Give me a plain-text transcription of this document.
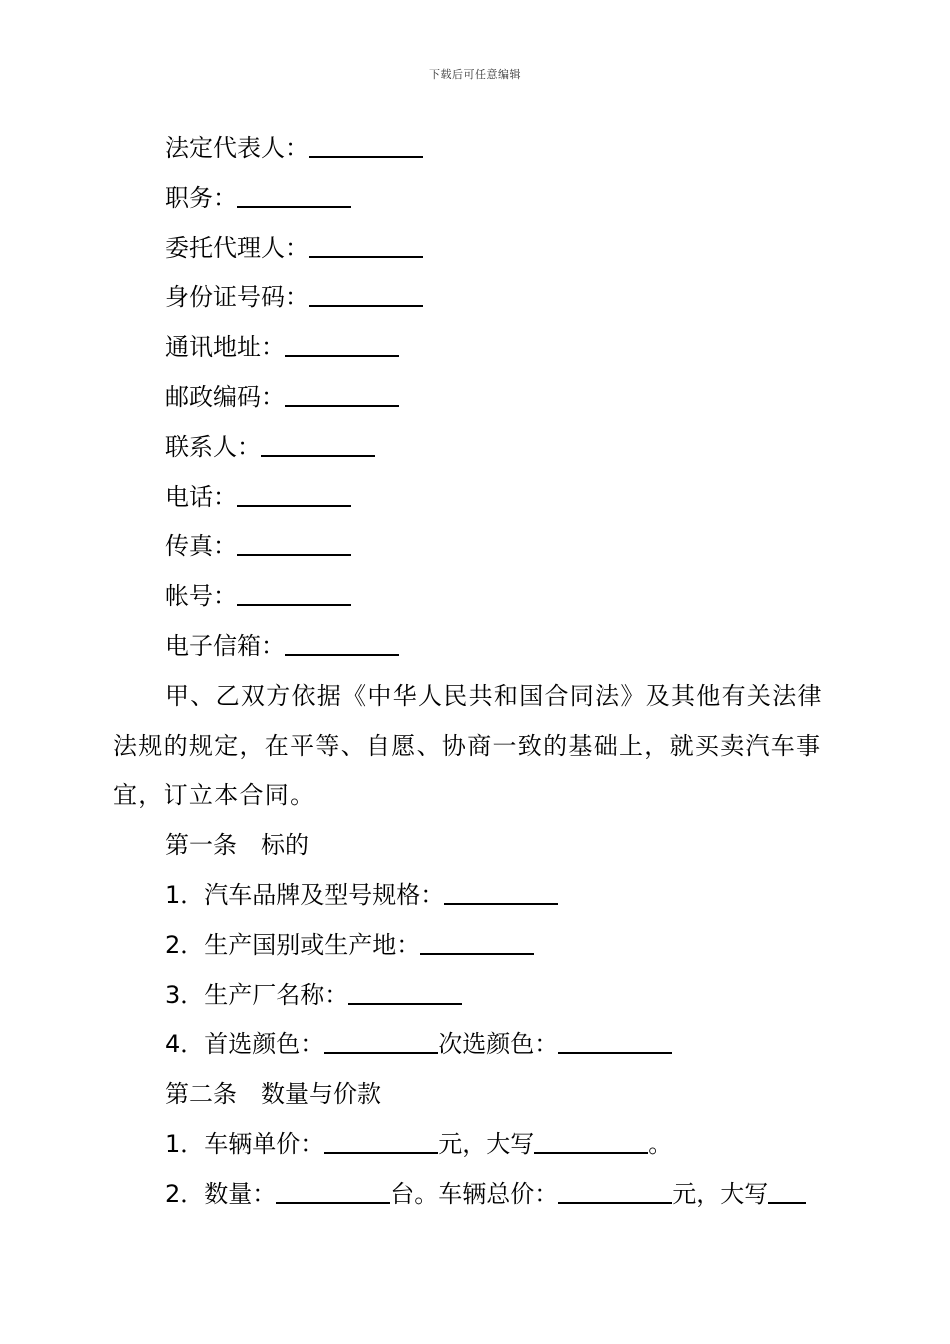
下载后可任意编辑
法定代表人：
职务：
委托代理人：
身份证号码：
通讯地址：
邮政编码：
联系人：
电话：
传真：
帐号：
电子信箱：
甲、乙双方依据《中华人民共和国合同法》及其他有关法律法规的规定，在平等、自愿、协商一致的基础上，就买卖汽车事宜，订立本合同。
第一条 标的
1．汽车品牌及型号规格：
2．生产国别或生产地：
3．生产厂名称：
4．首选颜色：	次选颜色：
第二条 数量与价款
1．车辆单价：	元，大写	。
2．数量：	台。车辆总价：	元，大写
